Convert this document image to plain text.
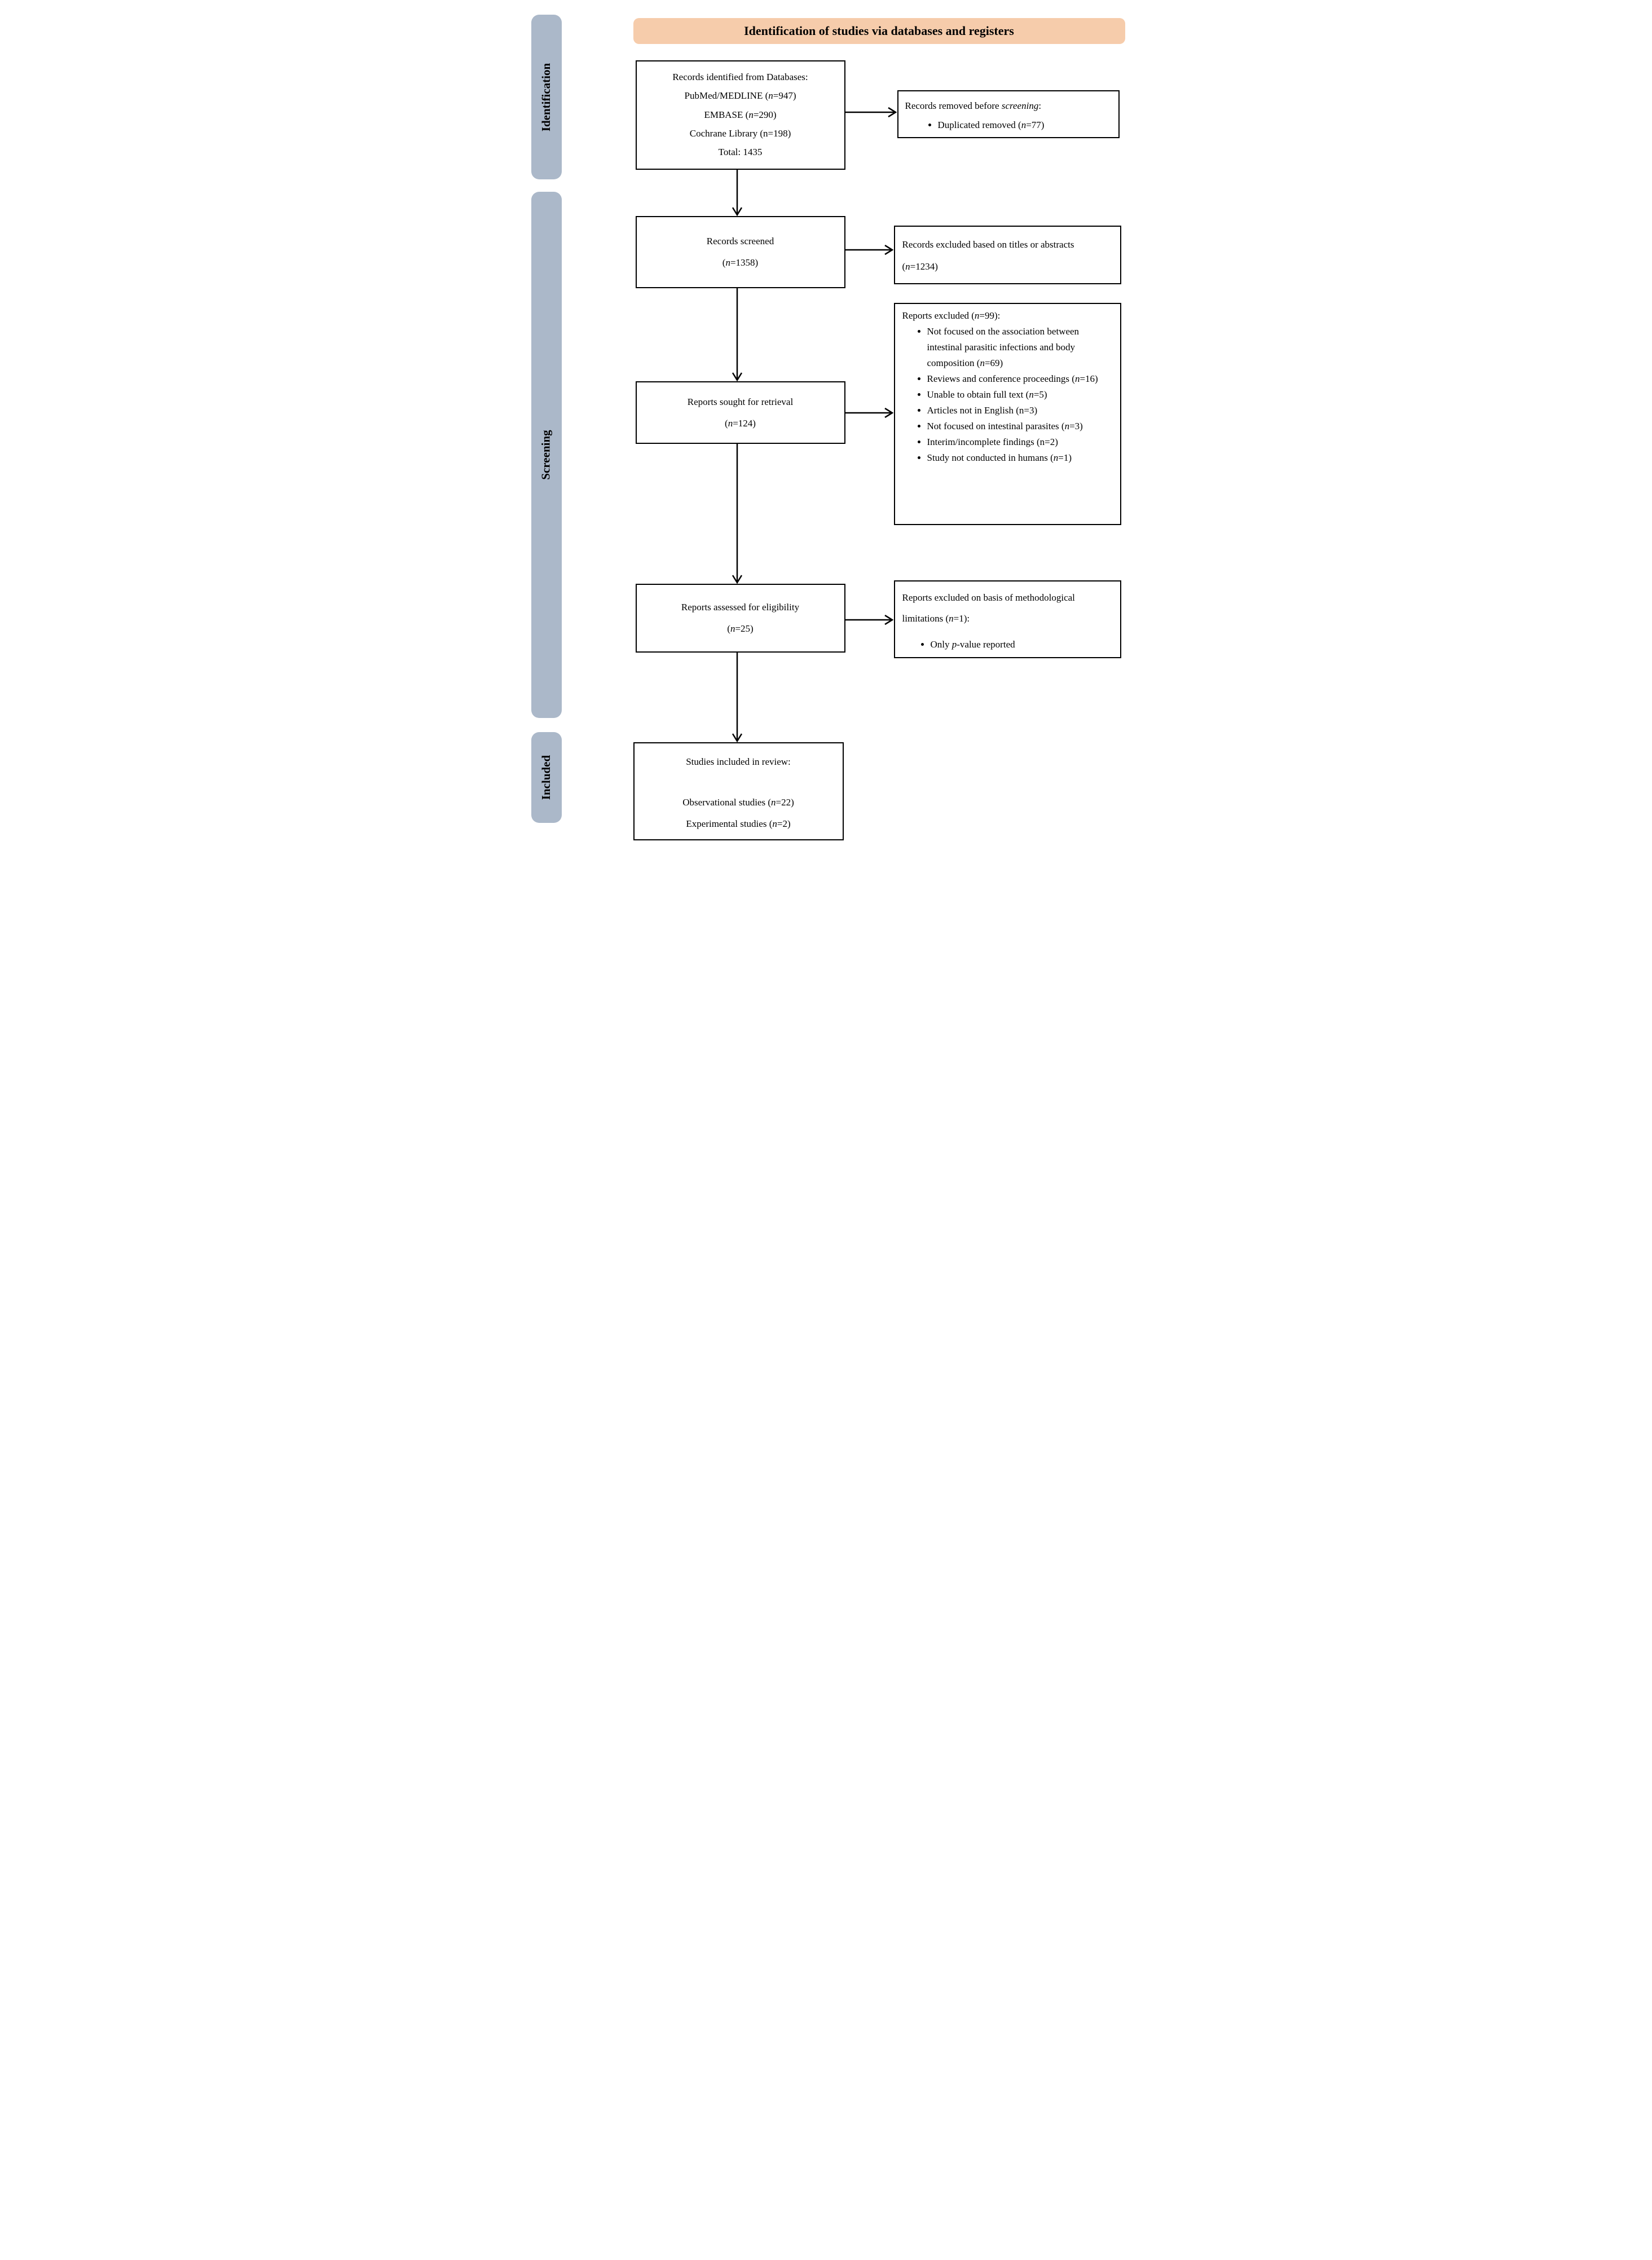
Identification of studies via databases and registers
Identification
Screening
Included
Records identified from Databases:
PubMed/MEDLINE (n=947)
EMBASE (n=290)
Cochrane Library (n=198)
Total: 1435
Records removed before screening:
• Duplicated removed (n=77)
Records screened
(n=1358)
Records excluded based on titles or abstracts (n=1234)
Reports sought for retrieval
(n=124)
Reports excluded (n=99):
• Not focused on the association between intestinal parasitic infections and body composition (n=69)
• Reviews and conference proceedings (n=16)
• Unable to obtain full text (n=5)
• Articles not in English (n=3)
• Not focused on intestinal parasites (n=3)
• Interim/incomplete findings (n=2)
• Study not conducted in humans (n=1)
Reports assessed for eligibility
(n=25)
Reports excluded on basis of methodological limitations (n=1):
• Only p-value reported
Studies included in review:
Observational studies (n=22)
Experimental studies (n=2)
